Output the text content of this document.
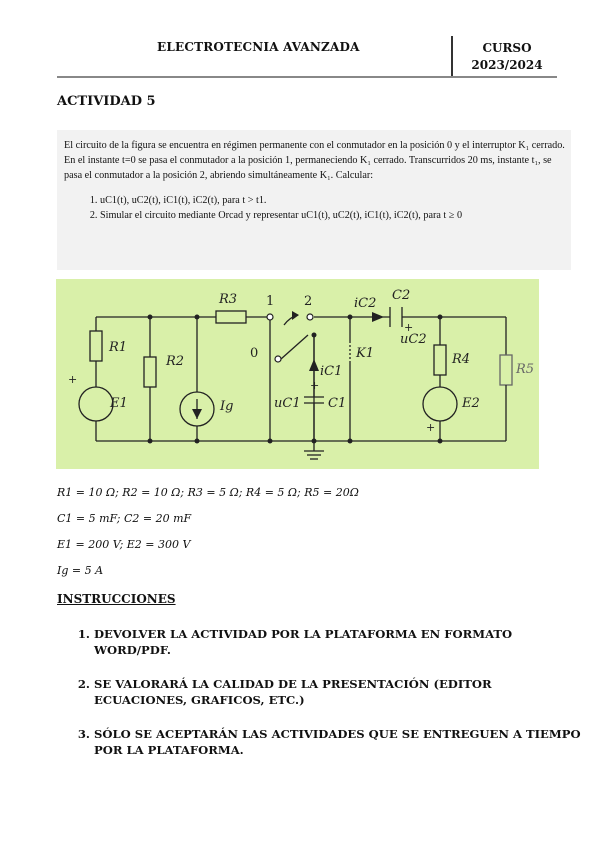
ELECTROTECNIA AVANZADA	CURSO
2023/2024
ACTIVIDAD 5

El circuito de la figura se encuentra en régimen permanente con el conmutador en la posición 0 y el interruptor K₁ cerrado. En el instante t=0 se pasa el conmutador a la posición 1, permaneciendo K₁ cerrado. Transcurridos 20 ms, instante t₁, se pasa el conmutador a la posición 2, abriendo simultáneamente K₁. Calcular:

1. uC1(t), uC2(t), iC1(t), iC2(t), para t > t1.
2. Simular el circuito mediante Orcad y representar uC1(t), uC2(t), iC1(t), iC2(t), para t ≥ 0
R1
R2
R3
R4
R5
E1	E2
Ig	C1
C2
K1
iC1
iC2
uC1
uC2
0
1 2
+	+
+
+
R1 = 10 Ω; R2 = 10 Ω; R3 = 5 Ω; R4 = 5 Ω; R5 = 20Ω
C1 = 5 mF; C2 = 20 mF
E1 = 200 V; E2 = 300 V
Ig = 5 A
INSTRUCCIONES
1. DEVOLVER LA ACTIVIDAD POR LA PLATAFORMA EN FORMATO WORD/PDF.
2. SE VALORARÁ LA CALIDAD DE LA PRESENTACIÓN (EDITOR ECUACIONES, GRAFICOS, ETC.)
3. SÓLO SE ACEPTARÁN LAS ACTIVIDADES QUE SE ENTREGUEN A TIEMPO POR LA PLATAFORMA.
